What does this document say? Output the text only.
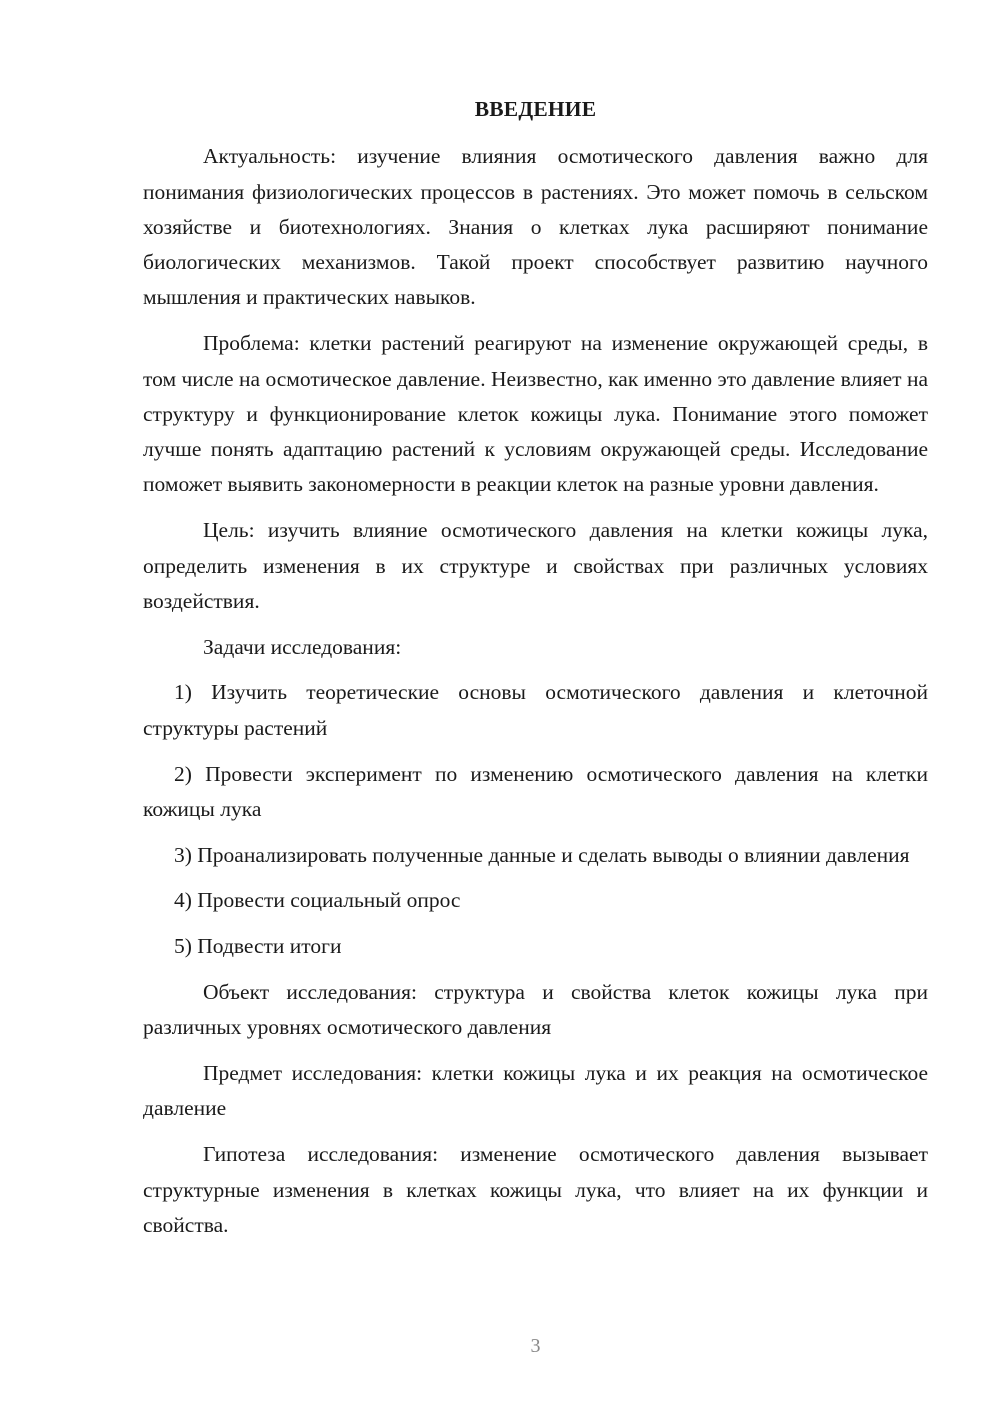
ВВЕДЕНИЕ

Актуальность: изучение влияния осмотического давления важно для понимания физиологических процессов в растениях. Это может помочь в сельском хозяйстве и биотехнологиях. Знания о клетках лука расширяют понимание биологических механизмов. Такой проект способствует развитию научного мышления и практических навыков.

Проблема: клетки растений реагируют на изменение окружающей среды, в том числе на осмотическое давление. Неизвестно, как именно это давление влияет на структуру и функционирование клеток кожицы лука. Понимание этого поможет лучше понять адаптацию растений к условиям окружающей среды. Исследование поможет выявить закономерности в реакции клеток на разные уровни давления.

Цель: изучить влияние осмотического давления на клетки кожицы лука, определить изменения в их структуре и свойствах при различных условиях воздействия.

Задачи исследования:

1) Изучить теоретические основы осмотического давления и клеточной структуры растений

2) Провести эксперимент по изменению осмотического давления на клетки кожицы лука

3) Проанализировать полученные данные и сделать выводы о влиянии давления

4) Провести социальный опрос

5) Подвести итоги

Объект исследования: структура и свойства клеток кожицы лука при различных уровнях осмотического давления

Предмет исследования: клетки кожицы лука и их реакция на осмотическое давление

Гипотеза исследования: изменение осмотического давления вызывает структурные изменения в клетках кожицы лука, что влияет на их функции и свойства.

3
